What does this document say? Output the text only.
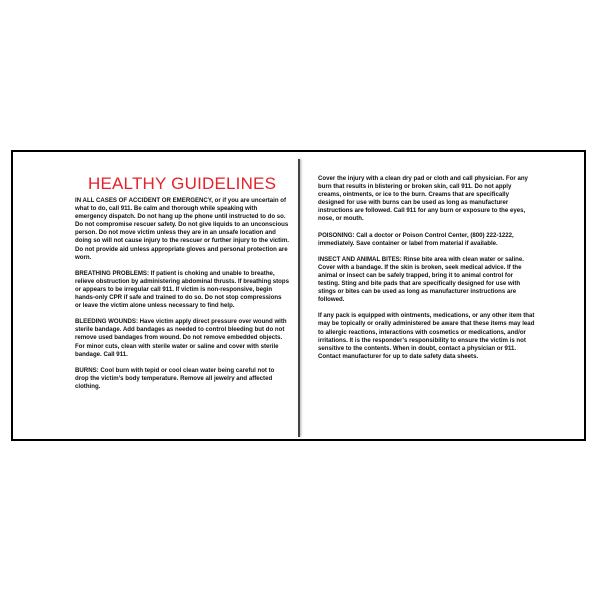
HEALTHY GUIDELINES
IN ALL CASES OF ACCIDENT OR EMERGENCY, or if you are uncertain of what to do, call 911. Be calm and thorough while speaking with emergency dispatch. Do not hang up the phone until instructed to do so. Do not compromise rescuer safety. Do not give liquids to an unconscious person. Do not move victim unless they are in an unsafe location and doing so will not cause injury to the rescuer or further injury to the victim. Do not provide aid unless appropriate gloves and personal protection are worn.
BREATHING PROBLEMS: If patient is choking and unable to breathe, relieve obstruction by administering abdominal thrusts. If breathing stops or appears to be irregular call 911. If victim is non-responsive, begin hands-only CPR if safe and trained to do so. Do not stop compressions or leave the victim alone unless necessary to find help.
BLEEDING WOUNDS: Have victim apply direct pressure over wound with sterile bandage. Add bandages as needed to control bleeding but do not remove used bandages from wound. Do not remove embedded objects. For minor cuts, clean with sterile water or saline and cover with sterile bandage. Call 911.
BURNS: Cool burn with tepid or cool clean water being careful not to drop the victim’s body temperature. Remove all jewelry and affected clothing.
Cover the injury with a clean dry pad or cloth and call physician. For any burn that results in blistering or broken skin, call 911. Do not apply creams, ointments, or ice to the burn. Creams that are specifically designed for use with burns can be used as long as manufacturer instructions are followed. Call 911 for any burn or exposure to the eyes, nose, or mouth.
POISONING: Call a doctor or Poison Control Center, (800) 222-1222, immediately. Save container or label from material if available.
INSECT AND ANIMAL BITES: Rinse bite area with clean water or saline. Cover with a bandage. If the skin is broken, seek medical advice. If the animal or insect can be safely trapped, bring it to animal control for testing. Sting and bite pads that are specifically designed for use with stings or bites can be used as long as manufacturer instructions are followed.
If any pack is equipped with ointments, medications, or any other item that may be topically or orally administered be aware that these items may lead to allergic reactions, interactions with cosmetics or medications, and/or irritations. It is the responder’s responsibility to ensure the victim is not sensitive to the contents. When in doubt, contact a physician or 911. Contact manufacturer for up to date safety data sheets.
